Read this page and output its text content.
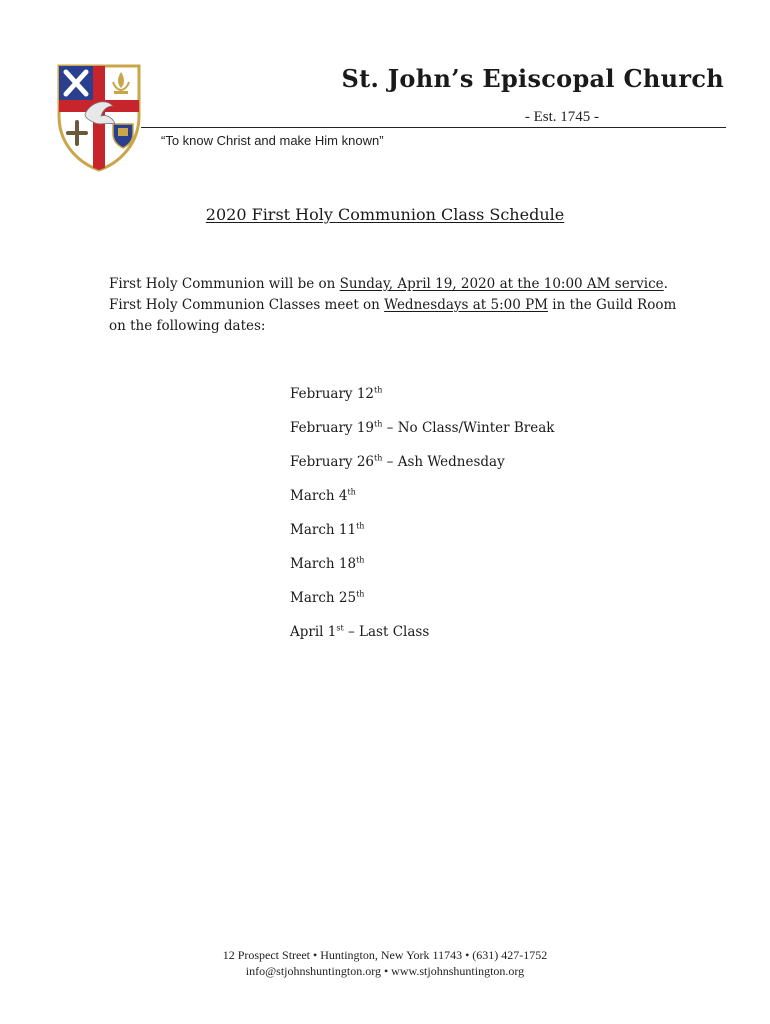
St. John’s Episcopal Church
- Est. 1745 -
“To know Christ and make Him known”
2020 First Holy Communion Class Schedule

First Holy Communion will be on Sunday, April 19, 2020 at the 10:00 AM service. First Holy Communion Classes meet on Wednesdays at 5:00 PM in the Guild Room on the following dates:

February 12th
February 19th – No Class/Winter Break
February 26th – Ash Wednesday
March 4th
March 11th
March 18th
March 25th
April 1st – Last Class
12 Prospect Street • Huntington, New York 11743 • (631) 427-1752
info@stjohnshuntington.org • www.stjohnshuntington.org
